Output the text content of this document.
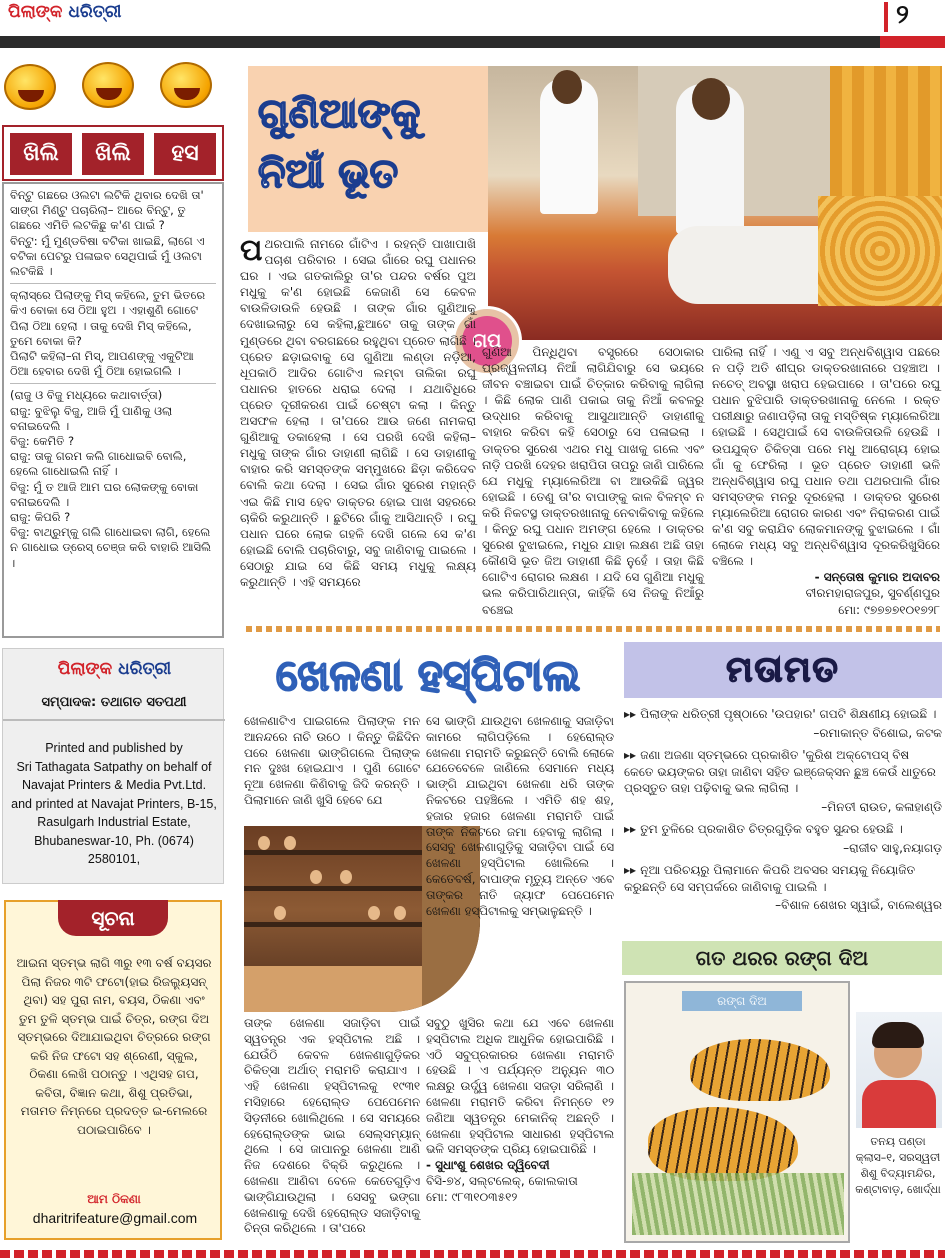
ପିଲାଙ୍କ ଧରିତ୍ରୀ	୨
ଖିଲି	ଖିଲି	ହସ

ବିନ୍ଟୁ ଗଛରେ ଓଲଟା ଲଟିକି ଥିବାର ଦେଖି ତା' ସାଙ୍ଗ ମିଣ୍ଟୁ ପଚାରିଲା– ଆରେ ବିନ୍ଟୁ, ତୁ ଗଛରେ ଏମିତି ଲଟକିଛୁ କ'ଣ ପାଇଁ ?
ବିନ୍ଟୁ: ମୁଁ ମୁଣ୍ଡବିଷା ବଟିକା ଖାଇଛି, ଲାଗେ ଏ ବଟିକା ପେଟରୁ ପଳାଇବ ସେଥିପାଇଁ ମୁଁ ଓଲଟା ଲଟକିଛି ।

କ୍ଲାସ୍‌ରେ ପିଲାଙ୍କୁ ମିସ୍ କହିଲେ, ତୁମ ଭିତରେ କିଏ ବୋକା ସେ ଠିଆ ହୁଅ । ଏହାଶୁଣି ଗୋଟେ ପିଲା ଠିଆ ହେଲା । ତାକୁ ଦେଖି ମିସ୍ କହିଲେ, ତୁମେ ବୋକା କି?
ପିଲାଟି କହିଲା–ନା ମିସ୍, ଆପଣଙ୍କୁ ଏକୁଟିଆ ଠିଆ ହେବାର ଦେଖି ମୁଁ ଠିଆ ହୋଇଗଲି ।

(ରାଜୁ ଓ ବିଜୁ ମଧ୍ୟରେ କଥାବାର୍ତ୍ତା)
ରାଜୁ: ବୁଝିଲୁ ବିଜୁ, ଆଜି ମୁଁ ପାଣିକୁ ଓଲା ବନାଇଦେଲି ।
ବିଜୁ: କେମିତି ?
ରାଜୁ: ତାକୁ ଗରମ କଲି ଗାଧୋଇବି ବୋଲି, ହେଲେ ଗାଧୋଇଲି ନାହିଁ ।
ବିଜୁ: ମୁଁ ତ ଆଜି ଆମ ଘର ଲୋକଙ୍କୁ ବୋକା ବନାଇଦେଲି ।
ରାଜୁ: କିପରି ?
ବିଜୁ: ବାଥ୍‌ରୁମ୍‌କୁ ଗଲି ଗାଧୋଇବା ଲାଗି, ହେଲେ ନ ଗାଧୋଇ ଡ୍ରେସ୍ ଚେଞ୍ଜ କରି ବାହାରି ଆସିଲି ।

ପିଲାଙ୍କ ଧରିତ୍ରୀ
ସମ୍ପାଦକ: ତଥାଗତ ସତପଥୀ
Printed and published by
Sri Tathagata Satpathy on behalf of
Navajat Printers & Media Pvt.Ltd.
and printed at Navajat Printers, B-15,
Rasulgarh Industrial Estate,
Bhubaneswar-10, Ph. (0674) 2580101,
ସୂଚନା
ଆଇନା ସ୍ତମ୍ଭ ଲାଗି ୩ରୁ ୧୩ ବର୍ଷ ବୟସର ପିଲା ନିଜର ୩ଟି ଫଟୋ(ହାଇ ରିଜଲ୍ୟୁସନ୍ ଥିବା) ସହ ପୁରା ନାମ, ବୟସ, ଠିକଣା ଏବଂ ତୁମ ତୁଳି ସ୍ତମ୍ଭ ପାଇଁ ଚିତ୍ର, ରଙ୍ଗ ଦିଅ ସ୍ତମ୍ଭରେ ଦିଆଯାଇଥିବା ଚିତ୍ରରେ ରଙ୍ଗ କରି ନିଜ ଫଟୋ ସହ ଶ୍ରେଣୀ, ସ୍କୁଲ, ଠିକଣା ଲେଖି ପଠାନ୍ତୁ । ଏଥିସହ ଗପ, କବିତା, ବିଜ୍ଞାନ କଥା, ଶିଶୁ ପ୍ରତିଭା, ମତାମତ ନିମ୍ନରେ ପ୍ରଦତ୍ତ ଇ-ମେଲରେ ପଠାଇପାରିବେ ।
ଆମ ଠିକଣା
dharitrifeature@gmail.com
ଗୁଣିଆଙ୍କୁ
ନିଆଁ ଭୂତ
ଗପ
ପଥରପାଲି ନାମରେ ଗାଁଟିଏ । ରହନ୍ତି ପାଖାପାଖି ପଚାଶ ପରିବାର । ସେଇ ଗାଁରେ ରଘୁ ପଧାନର ଘର । ଏଇ ଗତକାଲିରୁ ତା'ର ପନ୍ଦର ବର୍ଷର ପୁଅ ମଧୁକୁ କ'ଣ ହୋଇଛି କେଜାଣି ସେ କେବଳ ବାଉଳିଡାଉଳି ହେଉଛି । ତାଙ୍କ ଗାଁର ଗୁଣିଆକୁ ଦେଖାଇଲାରୁ ସେ କହିଲା,ଛୁଆଟେ ତାକୁ ତାଙ୍କ ଗାଁ ମୁଣ୍ଡରେ ଥିବା ବରଗଛରେ ରହୁଥିବା ପ୍ରେତ ଲାଗିଛି । ପ୍ରେତ ଛଡ଼ାଇବାକୁ ସେ ଗୁଣିଆ ଲଣ୍ଡା ନଡ଼ିଆ, ଧୂପକାଠି ଆଦିର ଗୋଟିଏ ଲମ୍ବା ତାଲିକା ରଘୁ ପଧାନର ହାତରେ ଧରାଇ ଦେଲା । ଯଥାବିଧିରେ ପ୍ରେତ ଦୂରୀକରଣ ପାଇଁ ଚେଷ୍ଟା କଲା । କିନ୍ତୁ ଅସଫଳ ହେଲା । ତା'ପରେ ଆଉ ଜଣେ ନାମକରା ଗୁଣିଆକୁ ଡକାହେଲା । ସେ ପରଖି ଦେଖି କହିଲା– ମଧୁକୁ ତାଙ୍କ ଗାଁର ଡାହାଣୀ ଲାଗିଛି । ସେ ଡାହାଣୀକୁ ବାହାର କରି ସମସ୍ତଙ୍କ ସମ୍ମୁଖରେ ଛିଡ଼ା କରିଦେବ ବୋଲି କଥା ଦେଲା । ସେଇ ଗାଁର ସୁରେଶ ମହାନ୍ତି ଏଇ କିଛି ମାସ ହେବ ଡାକ୍ତର ହୋଇ ପାଖ ସହରରେ ଚାକିରି କରୁଥାନ୍ତି । ଛୁଟିରେ ଗାଁକୁ ଆସିଥାନ୍ତି । ରଘୁ ପଧାନ ଘରେ ଲୋକ ଗହଳି ଦେଖି ଗଲେ ସେ କ'ଣ ହୋଇଛି ବୋଲି ପଚାରିବାରୁ, ସବୁ ଜାଣିବାକୁ ପାଇଲେ । ସେଠାରୁ ଯାଇ ସେ କିଛି ସମୟ ମଧୁକୁ ଲକ୍ଷ୍ୟ କରୁଥାନ୍ତି । ଏହି ସମୟରେ
ଗୁଣିଆ ପିନ୍ଧିଥିବା ବସ୍ତ୍ରରେ ସେଠାକାର ପ୍ରଜ୍ୱଳନୀୟ ନିଆଁ ଲାଗିଯିବାରୁ ସେ ଭୟରେ ଜୀବନ ବଞ୍ଚାଇବା ପାଇଁ ଚିତ୍କାର କରିବାକୁ ଲାଗିଲା । କିଛି ଲୋକ ପାଣି ପକାଇ ତାକୁ ନିଆଁ କବଳରୁ ଉଦ୍ଧାର କରିବାକୁ ଆସୁଥାଆନ୍ତି ଡାହାଣୀକୁ ବାହାର କରିବା କହି ସେଠାରୁ ସେ ପଳାଇଲା । ଡାକ୍ତର ସୁରେଶ ଏଥର ମଧୁ ପାଖକୁ ଗଲେ ଏବଂ ନାଡ଼ି ପରଖି ଦେହର ଖରାପିତା ତାପରୁ ଜାଣି ପାରିଲେ ଯେ ମଧୁକୁ ମ୍ୟାଲେରିଆ ବା ଆଉକିଛି ଜ୍ୱର ହୋଇଛି । ତେଣୁ ତା'ର ବାପାଙ୍କୁ କାଳ ବିଳମ୍ବ ନ କରି ନିକଟସ୍ଥ ଡାକ୍ତରଖାନାକୁ ନେବାକିବାକୁ କହିଲେ । କିନ୍ତୁ ରଘୁ ପଧାନ ଅମଙ୍ଗ ହେଲେ । ଡାକ୍ତର ସୁରେଶ ବୁଝାଇଲେ, ମଧୁର ଯାହା ଲକ୍ଷଣ ଅଛି ତାହା କୌଣସି ଭୂତ ଜିଅ ଡାହାଣୀ କିଛି ନୁହେଁ । ତାହା କିଛି ଗୋଟିଏ ରୋଗର ଲକ୍ଷଣ । ଯଦି ସେ ଗୁଣିଆ ମଧୁକୁ ଭଲ କରିପାରିଥାନ୍ତା, କାହିଁକି ସେ ନିଜକୁ ନିଆଁରୁ ବଞ୍ଚେଇ
ପାରିଲା ନାହିଁ । ଏଣୁ ଏ ସବୁ ଅନ୍ଧବିଶ୍ୱାସ ପଛରେ ନ ପଡ଼ି ଅତି ଶୀଘ୍ର ଡାକ୍ତରଖାନାରେ ପହଞ୍ଚାଅ । ନଚେତ୍ ଅବସ୍ଥା ଖରାପ ହେଇପାରେ । ତା'ପରେ ରଘୁ ପଧାନ ବୁଝିପାରି ଡାକ୍ତରଖାନାକୁ ନେଲେ । ରକ୍ତ ପରୀକ୍ଷାରୁ ଜଣାପଡ଼ିଲା ତାକୁ ମସ୍ତିଷ୍କ ମ୍ୟାଲେରିଆ ହୋଇଛି । ସେଥିପାଇଁ ସେ ବାଉଳିତାଉଳି ହେଉଛି । ଉପଯୁକ୍ତ ଚିକିତ୍ସା ପରେ ମଧୁ ଆରୋଗ୍ୟ ହୋଇ ଗାଁ କୁ ଫେରିଲା । ଭୂତ ପ୍ରେତ ଡାହାଣୀ ଭଳି ଅନ୍ଧବିଶ୍ୱାସ ରଘୁ ପଧାନ ତଥା ପଥରପାଲି ଗାଁର ସମସ୍ତଙ୍କ ମନରୁ ଦୂରହେଲା । ଡାକ୍ତର ସୁରେଶ ମ୍ୟାଲେରିଆ ରୋଗର କାରଣ ଏବଂ ନିରାକରଣ ପାଇଁ କ'ଣ ସବୁ କରାଯିବ ଲୋକମାନଙ୍କୁ ବୁଝାଇଲେ । ଗାଁ ଲୋକେ ମଧ୍ୟ ସବୁ ଅନ୍ଧବିଶ୍ୱାସ ଦୂରକରିଖୁସିରେ ବଞ୍ଚିଲେ ।
- ସନ୍ତୋଷ କୁମାର ଅଦାବର
ବୀରମହାରାଜପୁର, ସୁବର୍ଣ୍ଣପୁର
ମୋ: ୯୭୭୭୭୧୦୧୭୨୮
ଖେଳଣା ହସ୍ପିଟାଲ
ଖେଳଣାଟିଏ ପାଇଗଲେ ପିଲାଙ୍କ ମନ ଆନନ୍ଦରେ ନାଚି ଉଠେ । କିନ୍ତୁ କିଛିଦିନ ପରେ ଖେଳଣା ଭାଙ୍ଗିଗଲେ ପିଲାଙ୍କ ମନ ଦୁଃଖ ହୋଇଯାଏ । ପୁଣି ଗୋଟେ ନୂଆ ଖେଳଣା କିଣିବାକୁ ଜିଦି କରନ୍ତି । ପିଲାମାନେ ଜାଣି ଖୁସି ହେବେ ଯେ
ତାଙ୍କ ଖେଳଣା ସଜାଡ଼ିବା ପାଇଁ ସ୍ୱତନ୍ତ୍ର ଏକ ହସ୍ପିଟାଲ ଅଛି । ଯେଉଁଠି କେବଳ ଖେଳଣାଗୁଡ଼ିକର ଚିକିତ୍ସା ଅର୍ଥାତ୍ ମରାମତି କରାଯାଏ । ଏହି ଖେଳଣା ହସ୍ପିଟାଲକୁ ୧୯୩୧ ମସିହାରେ ହେରୋଲ୍ଡ ପେପେମେନ ସିଡ଼ନୀରେ ଖୋଲିଥିଲେ । ସେ ସମୟରେ ହେରୋଲ୍ଡଙ୍କ ଭାଇ ସେଲ୍ସମ୍ୟାନ୍ ଥିଲେ । ସେ ଜାପାନରୁ ଖେଳଣା ଆଣି ନିଜ ଦେଶରେ ବିକ୍ରି କରୁଥିଲେ । ଖେଳଣା ଆଣିବା ବେଳେ କେତେଗୁଡ଼ିଏ ଭାଙ୍ଗିଯାଉଥିଲା । ସେସବୁ ଭଙ୍ଗା ଖେଳଣାକୁ ଦେଖି ହେରୋଲ୍ଡ ସଜାଡ଼ିବାକୁ ଚିନ୍ତା କରିଥିଲେ । ତା'ପରେ
ସେ ଭାଙ୍ଗି ଯାଉଥିବା ଖେଳଣାକୁ ସଜାଡ଼ିବା କାମରେ ଲାଗିପଡ଼ିଲେ । ହେରୋଲ୍ଡ ଖେଳଣା ମରାମତି କରୁଛନ୍ତି ବୋଲି ଲୋକେ ଯେତେବେଳେ ଜାଣିଲେ ସେମାନେ ମଧ୍ୟ ଭାଙ୍ଗି ଯାଇଥିବା ଖେଳଣା ଧରି ତାଙ୍କ ନିକଟରେ ପହଞ୍ଚିଲେ । ଏମିତି ଶହ ଶହ, ହଜାର ହଜାର ଖେଳଣା ମରାମତି ପାଇଁ ତାଙ୍କ ନିକଟରେ ଜମା ହେବାକୁ ଲାଗିଲା । ସେସବୁ ଖେଳଣାଗୁଡ଼ିକୁ ସଜାଡ଼ିବା ପାଇଁ ସେ ଖେଳଣା ହସ୍ପିଟାଲ ଖୋଲିଲେ । କେତେବର୍ଷ, ବାପାଙ୍କ ମୃତ୍ୟୁ ଅନ୍ତେ ଏବେ ତାଙ୍କର ନାତି ଜ୍ୟାଫ ପେପେମେନ ଖେଳଣା ହସ୍ପିଟାଲକୁ ସମ୍ଭାଳୁଛନ୍ତି ।
ସବୁଠୁ ଖୁସିର କଥା ଯେ ଏବେ ଖେଳଣା ହସ୍ପିଟାଲ ଅଧିକ ଆଧୁନିକ ହୋଇପାରିଛି । ଏଠି ସବୁପ୍ରକାରର ଖେଳଣା ମରାମତି ହେଉଛି । ଏ ପର୍ଯ୍ୟନ୍ତ ଅନ୍ୟୁନ ୩୦ ଲକ୍ଷରୁ ଉର୍ଦ୍ଧ୍ୱ ଖେଳଣା ସଜଡ଼ା ସରିଲାଣି । ଖେଳଣା ମରାମତି କରିବା ନିମନ୍ତେ ୧୨ ଜଣିଆ ସ୍ୱତନ୍ତ୍ର ମେକାନିକ୍ ଅଛନ୍ତି । ଖେଳଣା ହସ୍ପିଟାଲ ସାଧାରଣ ହସ୍ପିଟାଲ ଭଳି ସମସ୍ତଙ୍କ ପ୍ରିୟ ହୋଇପାରିଛି ।
- ସୁଧାଂଶୁ ଶେଖର ଦ୍ୱିବେଦୀ
ବିସି-୭୪, ସଲ୍ଟଲେକ୍, କୋଲକାତା
ମୋ: ୯୮୩୧୦୩୫୧୨
ମତାମତ
▸▸ ପିଲାଙ୍କ ଧରିତ୍ରୀ ପୃଷ୍ଠାରେ 'ଉପହାର' ଗପଟି ଶିକ୍ଷଣୀୟ ହୋଇଛି ।
–ରମାକାନ୍ତ ବିଶୋଇ, କଟକ
▸▸ ଜଣା ଅଜଣା ସ୍ତମ୍ଭରେ ପ୍ରକାଶିତ 'କୁରିଶ ଅକ୍ଟୋପସ୍ ବିଷ କେତେ ଭୟଙ୍କର ତାହା ଜାଣିବା ସହିତ ଇଞ୍ଜେକ୍ସନ ଛୁଞ୍ଚ କେଉଁ ଧାତୁରେ ପ୍ରସ୍ତୁତ ତାହା ପଢ଼ିବାକୁ ଭଲ ଲାଗିଲା ।
–ମିନତୀ ରାଉତ, କଳାହାଣ୍ଡି
▸▸ ତୁମ ତୁଳିରେ ପ୍ରକାଶିତ ଚିତ୍ରଗୁଡ଼ିକ ବହୁତ ସୁନ୍ଦର ହେଉଛି ।
–ରାଜୀବ ସାହୁ,ନୟାଗଡ଼
▸▸ ନୂଆ ପରିଚୟରୁ ପିଲାମାନେ କିପରି ଅବସର ସମୟକୁ ନିୟୋଜିତ କରୁଛନ୍ତି ସେ ସମ୍ପର୍କରେ ଜାଣିବାକୁ ପାଇଲି ।
–ବିଶାଳ ଶେଖର ସ୍ୱାଇଁ, ବାଲେଶ୍ୱର
ଗତ ଥରର ରଙ୍ଗ ଦିଅ
ରଙ୍ଗ ଦିଅ
ତନୟ ପଣ୍ଡା
କ୍ଲାସ–୧, ସରସ୍ୱତୀ
ଶିଶୁ ବିଦ୍ୟାମନ୍ଦିର,
କଣ୍ଟାବାଡ଼, ଖୋର୍ଦ୍ଧା
